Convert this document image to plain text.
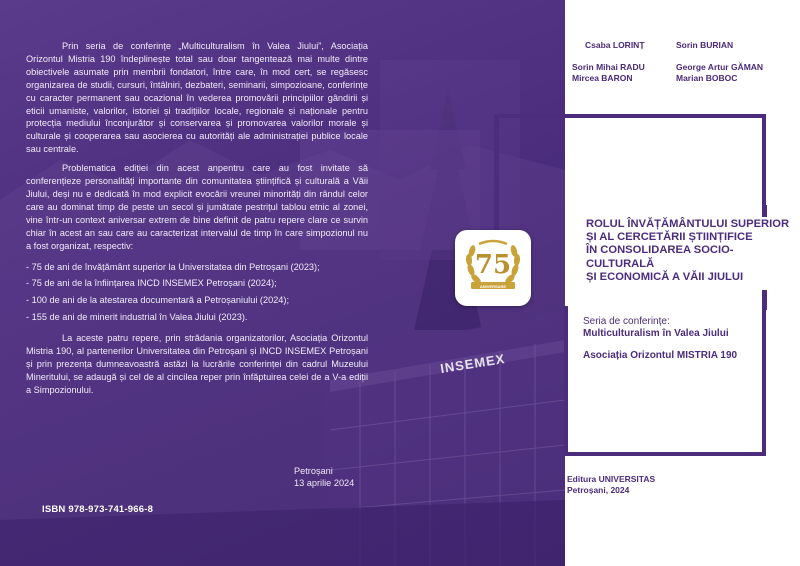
INSEMEX

Prin seria de conferințe „Multiculturalism în Valea Jiului”, Asociația Orizontul Mistria 190 îndeplinește total sau doar tangentează mai multe dintre obiectivele asumate prin membrii fondatori, între care, în mod cert, se regăsesc organizarea de studii, cursuri, întâlniri, dezbateri, seminarii, simpozioane, conferințe cu caracter permanent sau ocazional în vederea promovării principiilor gândirii și eticii umaniste, valorilor, istoriei și tradițiilor locale, regionale și naționale pentru protecția mediului înconjurător și conservarea și promovarea valorilor morale și culturale și cooperarea sau asocierea cu autorități ale administrației publice locale sau centrale.

Problematica ediției din acest anpentru care au fost invitate să conferențieze personalități importante din comunitatea științifică și culturală a Văii Jiului, deși nu e dedicată în mod explicit evocării vreunei minorități din rândul celor care au dominat timp de peste un secol și jumătate pestrițul tablou etnic al zonei, vine într-un context aniversar extrem de bine definit de patru repere clare ce survin chiar în acest an sau care au caracterizat intervalul de timp în care simpozionul nu a fost organizat, respectiv:

- 75 de ani de învățământ superior la Universitatea din Petroșani (2023);

- 75 de ani de la înființarea INCD INSEMEX Petroșani (2024);

- 100 de ani de la atestarea documentară a Petroșaniului (2024);

- 155 de ani de minerit industrial în Valea Jiului (2023).

La aceste patru repere, prin strădania organizatorilor, Asociația Orizontul Mistria 190, al partenerilor Universitatea din Petroșani și INCD INSEMEX Petroșani și prin prezența dumneavoastră astăzi la lucrările conferinței din cadrul Muzeului Mineritului, se adaugă și cel de al cincilea reper prin înfăptuirea celei de a V-a ediții a Simpozionului.

Petroșani
13 aprilie 2024
ISBN 978-973-741-966-8
Csaba LORINȚ	Sorin BURIAN
Sorin Mihai RADU	George Artur GĂMAN
Mircea BARON	Marian BOBOC
ROLUL ÎNVĂȚĂMÂNTULUI SUPERIOR
ȘI AL CERCETĂRII ȘTIINȚIFICE
ÎN CONSOLIDAREA SOCIO-CULTURALĂ
ȘI ECONOMICĂ A VĂII JIULUI
Seria de conferințe:
Multiculturalism în Valea Jiului
Asociația Orizontul MISTRIA 190
Editura UNIVERSITAS
Petroșani, 2024
75
ANIVERSARE
